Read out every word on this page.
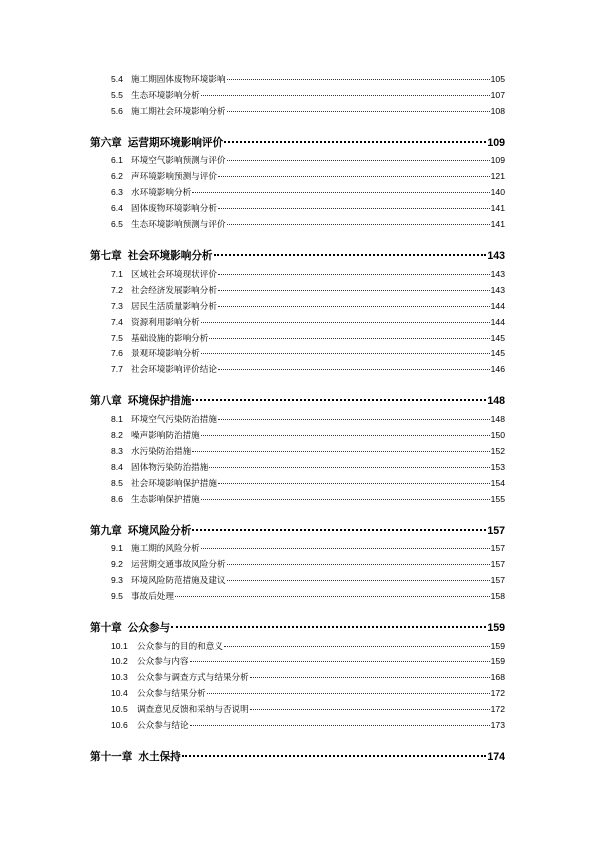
5.4 施工期固体废物环境影响	105
5.5 生态环境影响分析	107
5.6 施工期社会环境影响分析	108
第六章 运营期环境影响评价	109
6.1 环境空气影响预测与评价	109
6.2 声环境影响预测与评价	121
6.3 水环境影响分析	140
6.4 固体废物环境影响分析	141
6.5 生态环境影响预测与评价	141
第七章 社会环境影响分析	143
7.1 区域社会环境现状评价	143
7.2 社会经济发展影响分析	143
7.3 居民生活质量影响分析	144
7.4 资源利用影响分析	144
7.5 基础设施的影响分析	145
7.6 景观环境影响分析	145
7.7 社会环境影响评价结论	146
第八章 环境保护措施	148
8.1 环境空气污染防治措施	148
8.2 噪声影响防治措施	150
8.3 水污染防治措施	152
8.4 固体物污染防治措施	153
8.5 社会环境影响保护措施	154
8.6 生态影响保护措施	155
第九章 环境风险分析	157
9.1 施工期的风险分析	157
9.2 运营期交通事故风险分析	157
9.3 环境风险防范措施及建议	157
9.5 事故后处理	158
第十章 公众参与	159
10.1	公众参与的目的和意义	159
10.2	公众参与内容	159
10.3	公众参与调查方式与结果分析	168
10.4	公众参与结果分析	172
10.5	调查意见反馈和采纳与否说明	172
10.6	公众参与结论	173
第十一章 水土保持	174
